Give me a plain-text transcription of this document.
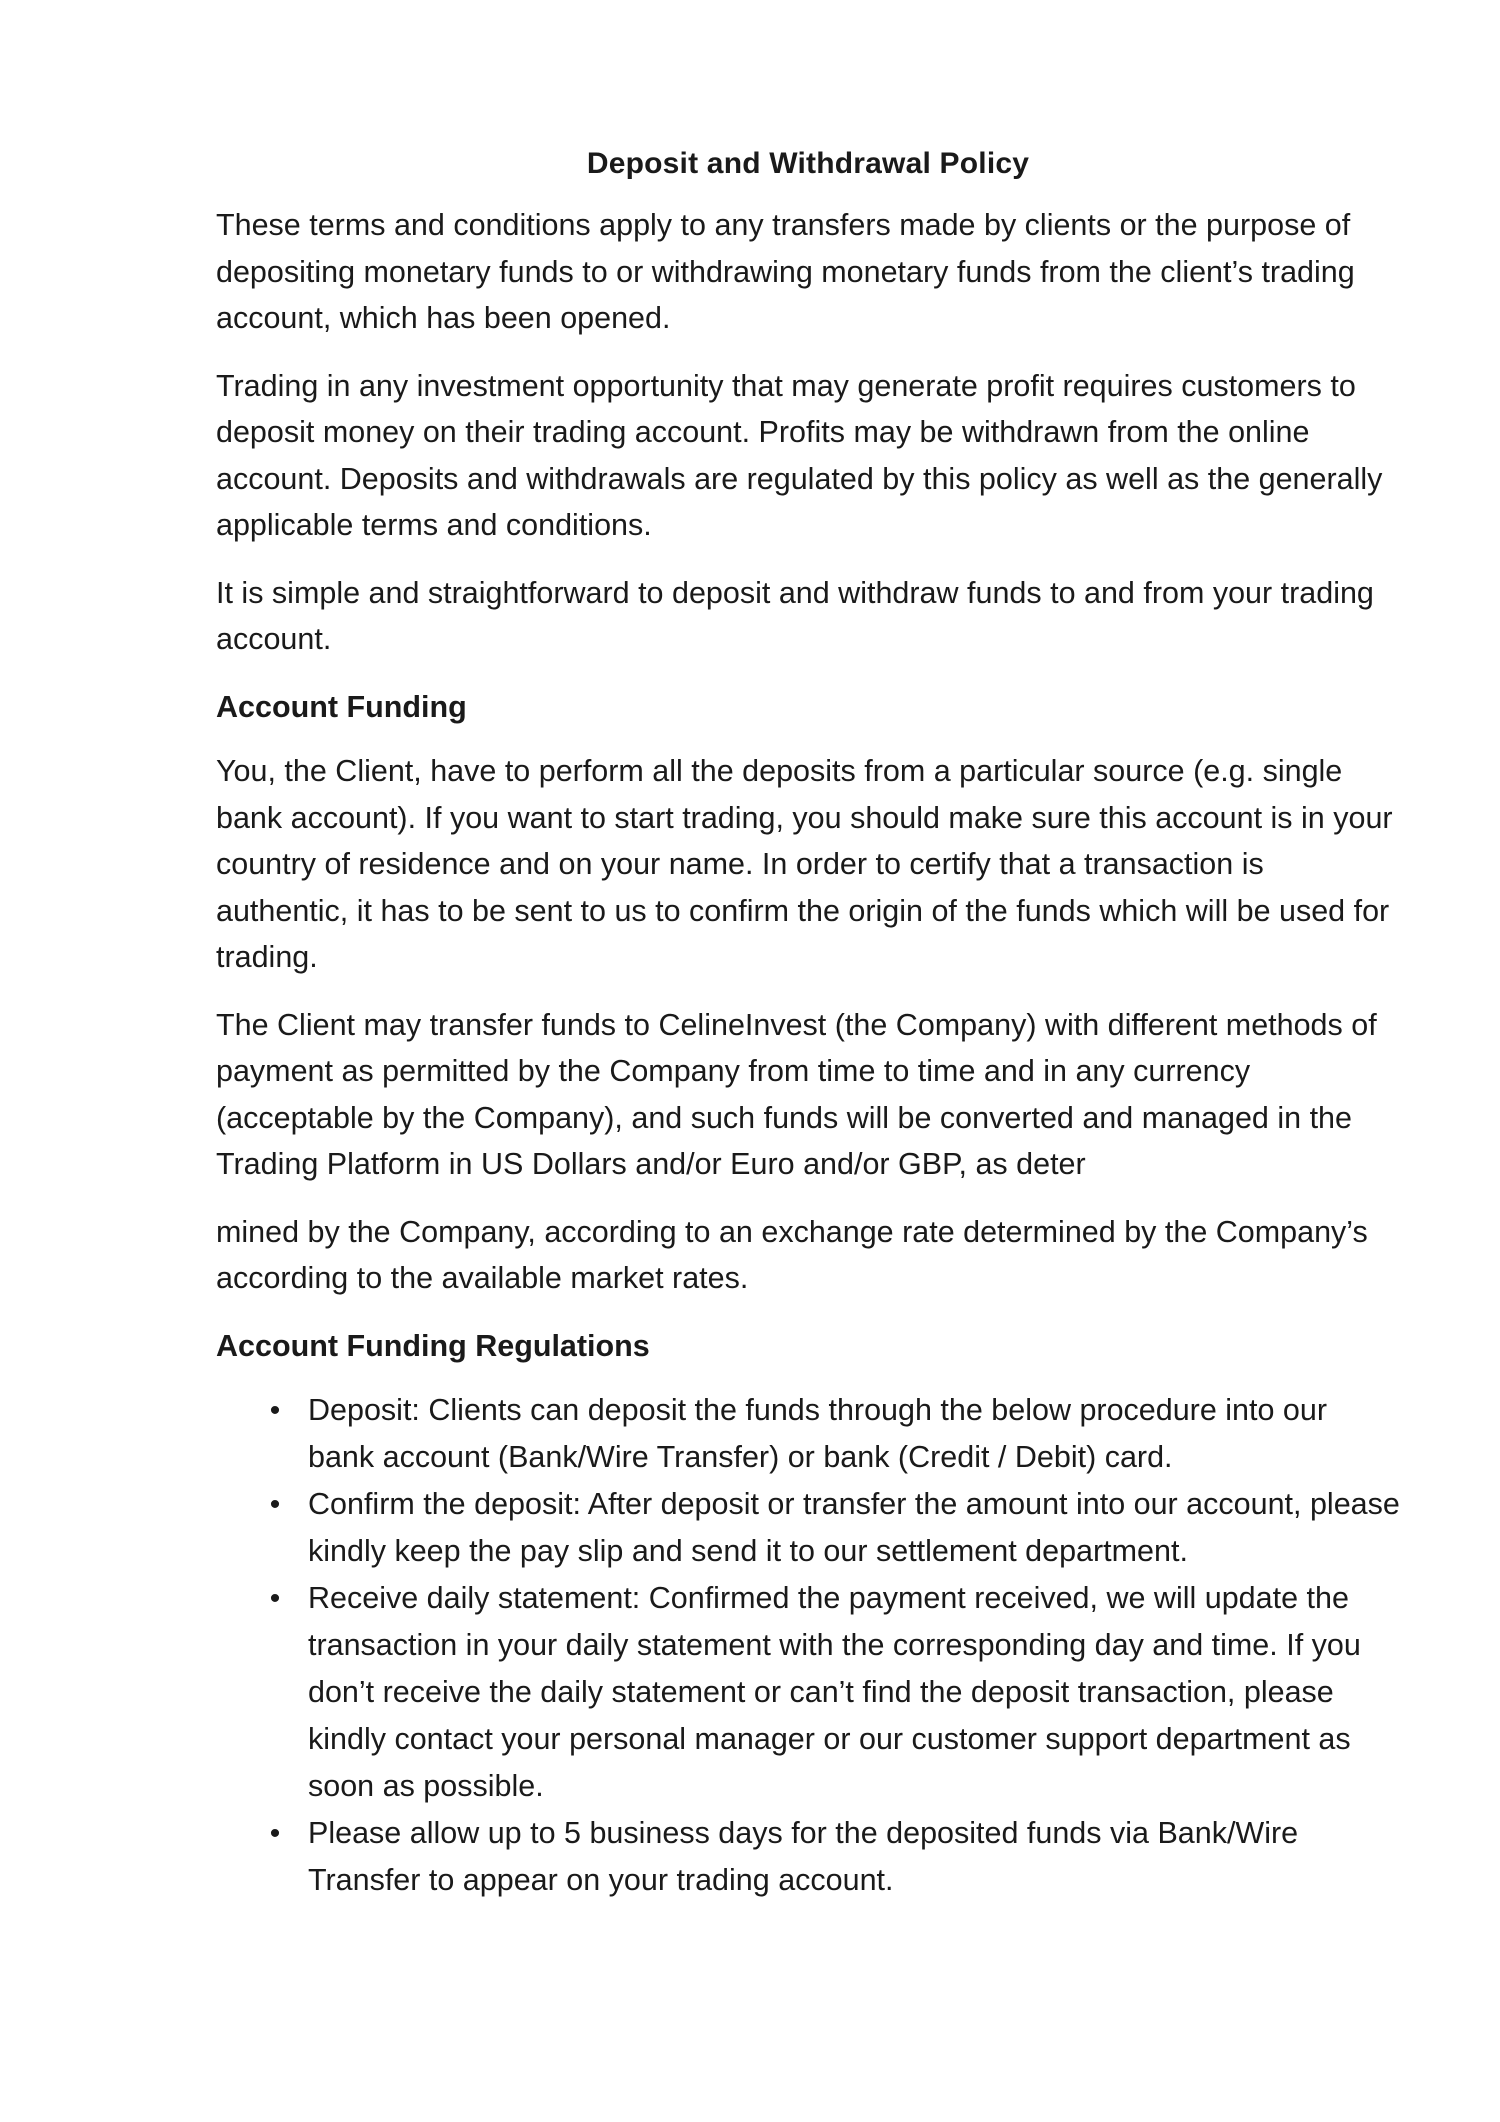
Deposit and Withdrawal Policy

These terms and conditions apply to any transfers made by clients or the purpose of depositing monetary funds to or withdrawing monetary funds from the client’s trading account, which has been opened.

Trading in any investment opportunity that may generate profit requires customers to deposit money on their trading account. Profits may be withdrawn from the online account. Deposits and withdrawals are regulated by this policy as well as the generally applicable terms and conditions.

It is simple and straightforward to deposit and withdraw funds to and from your trading account.

Account Funding

You, the Client, have to perform all the deposits from a particular source (e.g. single bank account). If you want to start trading, you should make sure this account is in your country of residence and on your name. In order to certify that a transaction is authentic, it has to be sent to us to confirm the origin of the funds which will be used for trading.

The Client may transfer funds to CelineInvest (the Company) with different methods of payment as permitted by the Company from time to time and in any currency (acceptable by the Company), and such funds will be converted and managed in the Trading Platform in US Dollars and/or Euro and/or GBP, as deter

mined by the Company, according to an exchange rate determined by the Company’s according to the available market rates.

Account Funding Regulations
• Deposit: Clients can deposit the funds through the below procedure into our bank account (Bank/Wire Transfer) or bank (Credit / Debit) card.
• Confirm the deposit: After deposit or transfer the amount into our account, please kindly keep the pay slip and send it to our settlement department.
• Receive daily statement: Confirmed the payment received, we will update the transaction in your daily statement with the corresponding day and time. If you don’t receive the daily statement or can’t find the deposit transaction, please kindly contact your personal manager or our customer support department as soon as possible.
• Please allow up to 5 business days for the deposited funds via Bank/Wire Transfer to appear on your trading account.
